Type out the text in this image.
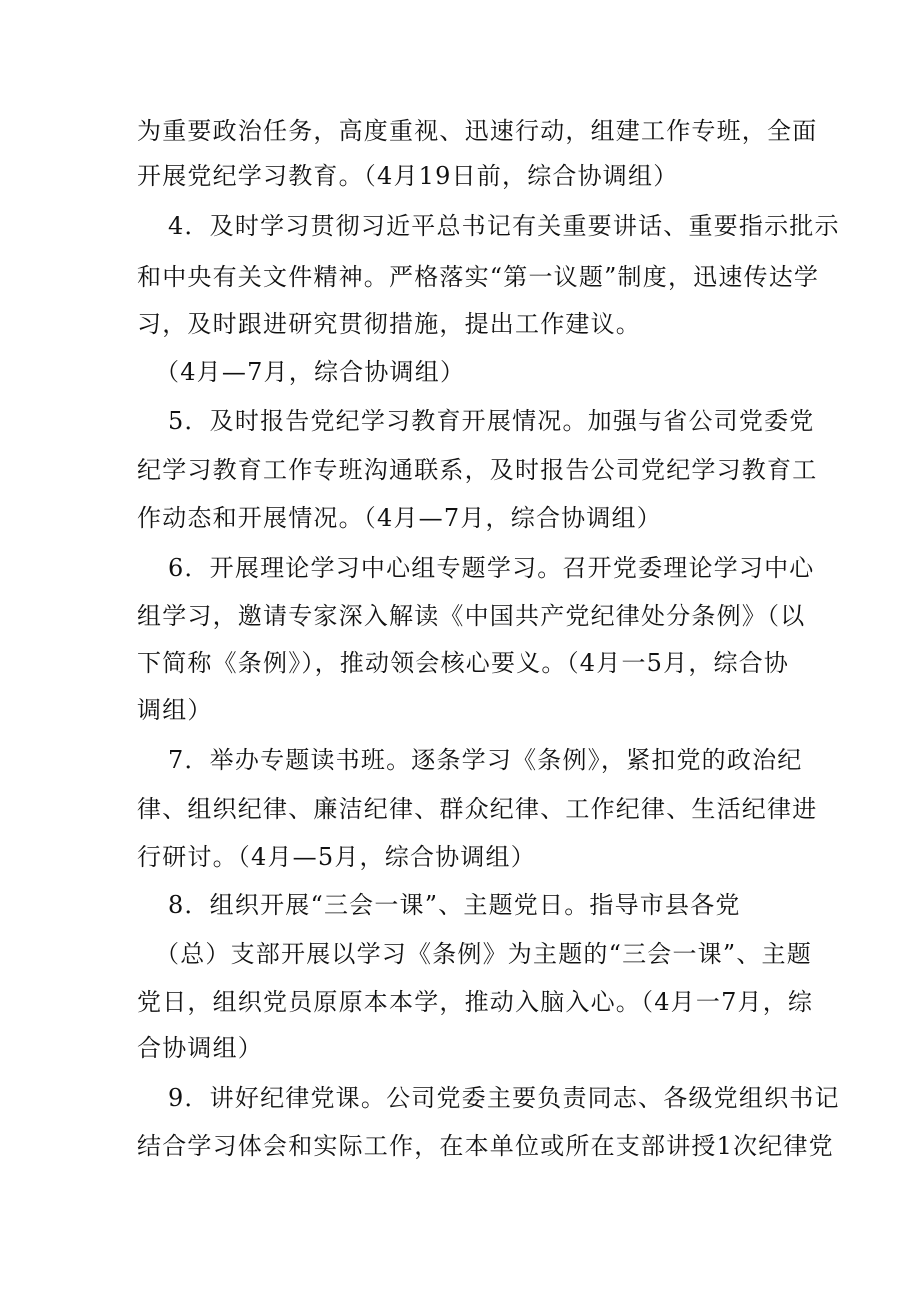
为重要政治任务，高度重视、迅速行动，组建工作专班，全面
开展党纪学习教育。（4月19日前，综合协调组）
4．及时学习贯彻习近平总书记有关重要讲话、重要指示批示
和中央有关文件精神。严格落实“第一议题”制度，迅速传达学
习，及时跟进研究贯彻措施，提出工作建议。
（4月—7月，综合协调组）
5．及时报告党纪学习教育开展情况。加强与省公司党委党
纪学习教育工作专班沟通联系，及时报告公司党纪学习教育工
作动态和开展情况。（4月—7月，综合协调组）
6．开展理论学习中心组专题学习。召开党委理论学习中心
组学习，邀请专家深入解读《中国共产党纪律处分条例》（以
下简称《条例》），推动领会核心要义。（4月一5月，综合协
调组）
7．举办专题读书班。逐条学习《条例》，紧扣党的政治纪
律、组织纪律、廉洁纪律、群众纪律、工作纪律、生活纪律进
行研讨。（4月—5月，综合协调组）
8．组织开展“三会一课”、主题党日。指导市县各党
（总）支部开展以学习《条例》为主题的“三会一课”、主题
党日，组织党员原原本本学，推动入脑入心。（4月一7月，综
合协调组）
9．讲好纪律党课。公司党委主要负责同志、各级党组织书记
结合学习体会和实际工作，在本单位或所在支部讲授1次纪律党
